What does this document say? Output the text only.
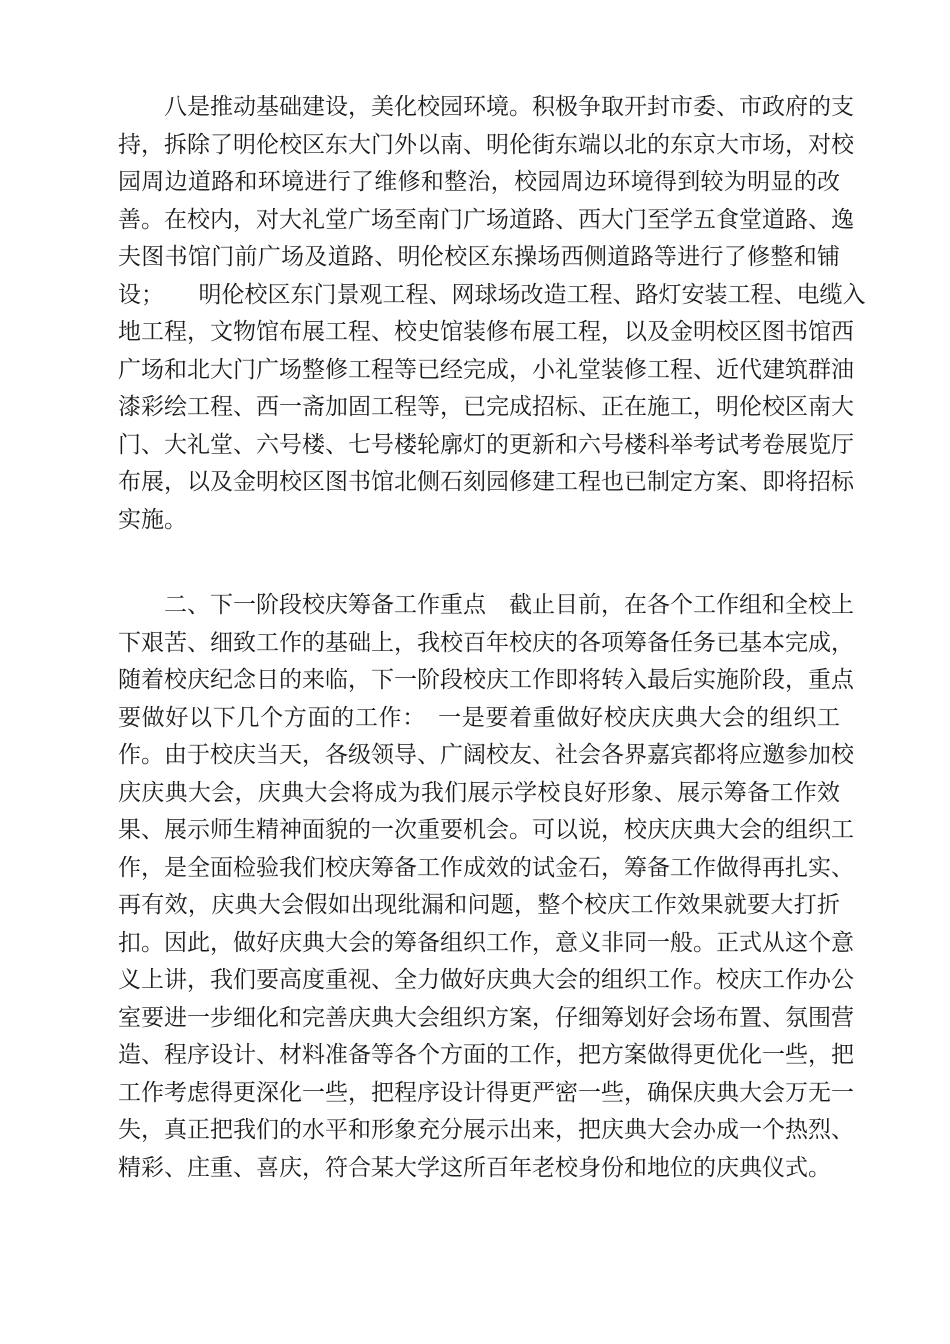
　　八是推动基础建设，美化校园环境。积极争取开封市委、市政府的支
持，拆除了明伦校区东大门外以南、明伦街东端以北的东京大市场，对校
园周边道路和环境进行了维修和整治，校园周边环境得到较为明显的改
善。在校内，对大礼堂广场至南门广场道路、西大门至学五食堂道路、逸
夫图书馆门前广场及道路、明伦校区东操场西侧道路等进行了修整和铺
设；　　明伦校区东门景观工程、网球场改造工程、路灯安装工程、电缆入
地工程，文物馆布展工程、校史馆装修布展工程，以及金明校区图书馆西
广场和北大门广场整修工程等已经完成，小礼堂装修工程、近代建筑群油
漆彩绘工程、西一斋加固工程等，已完成招标、正在施工，明伦校区南大
门、大礼堂、六号楼、七号楼轮廓灯的更新和六号楼科举考试考卷展览厅
布展，以及金明校区图书馆北侧石刻园修建工程也已制定方案、即将招标
实施。

　　二、下一阶段校庆筹备工作重点　截止目前，在各个工作组和全校上
下艰苦、细致工作的基础上，我校百年校庆的各项筹备任务已基本完成，
随着校庆纪念日的来临，下一阶段校庆工作即将转入最后实施阶段，重点
要做好以下几个方面的工作：　一是要着重做好校庆庆典大会的组织工
作。由于校庆当天，各级领导、广阔校友、社会各界嘉宾都将应邀参加校
庆庆典大会，庆典大会将成为我们展示学校良好形象、展示筹备工作效
果、展示师生精神面貌的一次重要机会。可以说，校庆庆典大会的组织工
作，是全面检验我们校庆筹备工作成效的试金石，筹备工作做得再扎实、
再有效，庆典大会假如出现纰漏和问题，整个校庆工作效果就要大打折
扣。因此，做好庆典大会的筹备组织工作，意义非同一般。正式从这个意
义上讲，我们要高度重视、全力做好庆典大会的组织工作。校庆工作办公
室要进一步细化和完善庆典大会组织方案，仔细筹划好会场布置、氛围营
造、程序设计、材料准备等各个方面的工作，把方案做得更优化一些，把
工作考虑得更深化一些，把程序设计得更严密一些，确保庆典大会万无一
失，真正把我们的水平和形象充分展示出来，把庆典大会办成一个热烈、
精彩、庄重、喜庆，符合某大学这所百年老校身份和地位的庆典仪式。
